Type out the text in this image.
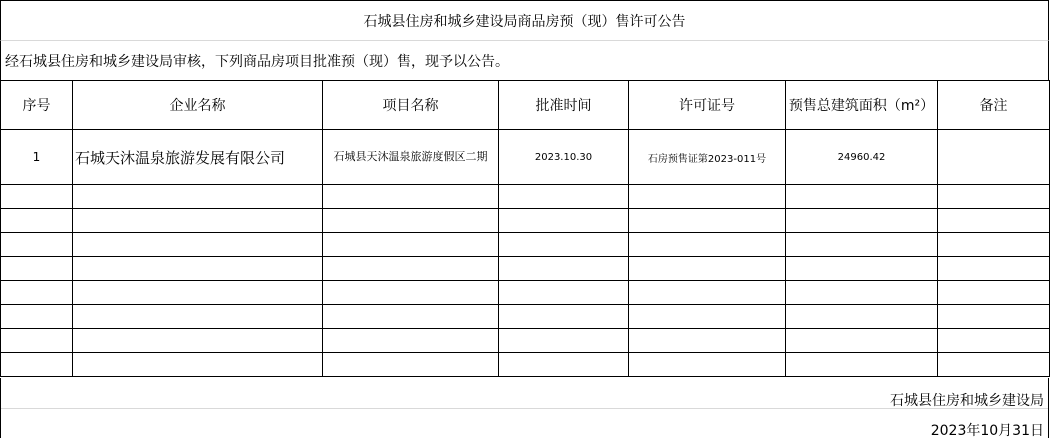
石城县住房和城乡建设局商品房预（现）售许可公告
经石城县住房和城乡建设局审核，下列商品房项目批准预（现）售，现予以公告。
序号	企业名称	项目名称	批准时间	许可证号	预售总建筑面积（m²）	备注
1	石城天沐温泉旅游发展有限公司	石城县天沐温泉旅游度假区二期	2023.10.30	石房预售证第2023-011号	24960.42	

石城县住房和城乡建设局
2023年10月31日
